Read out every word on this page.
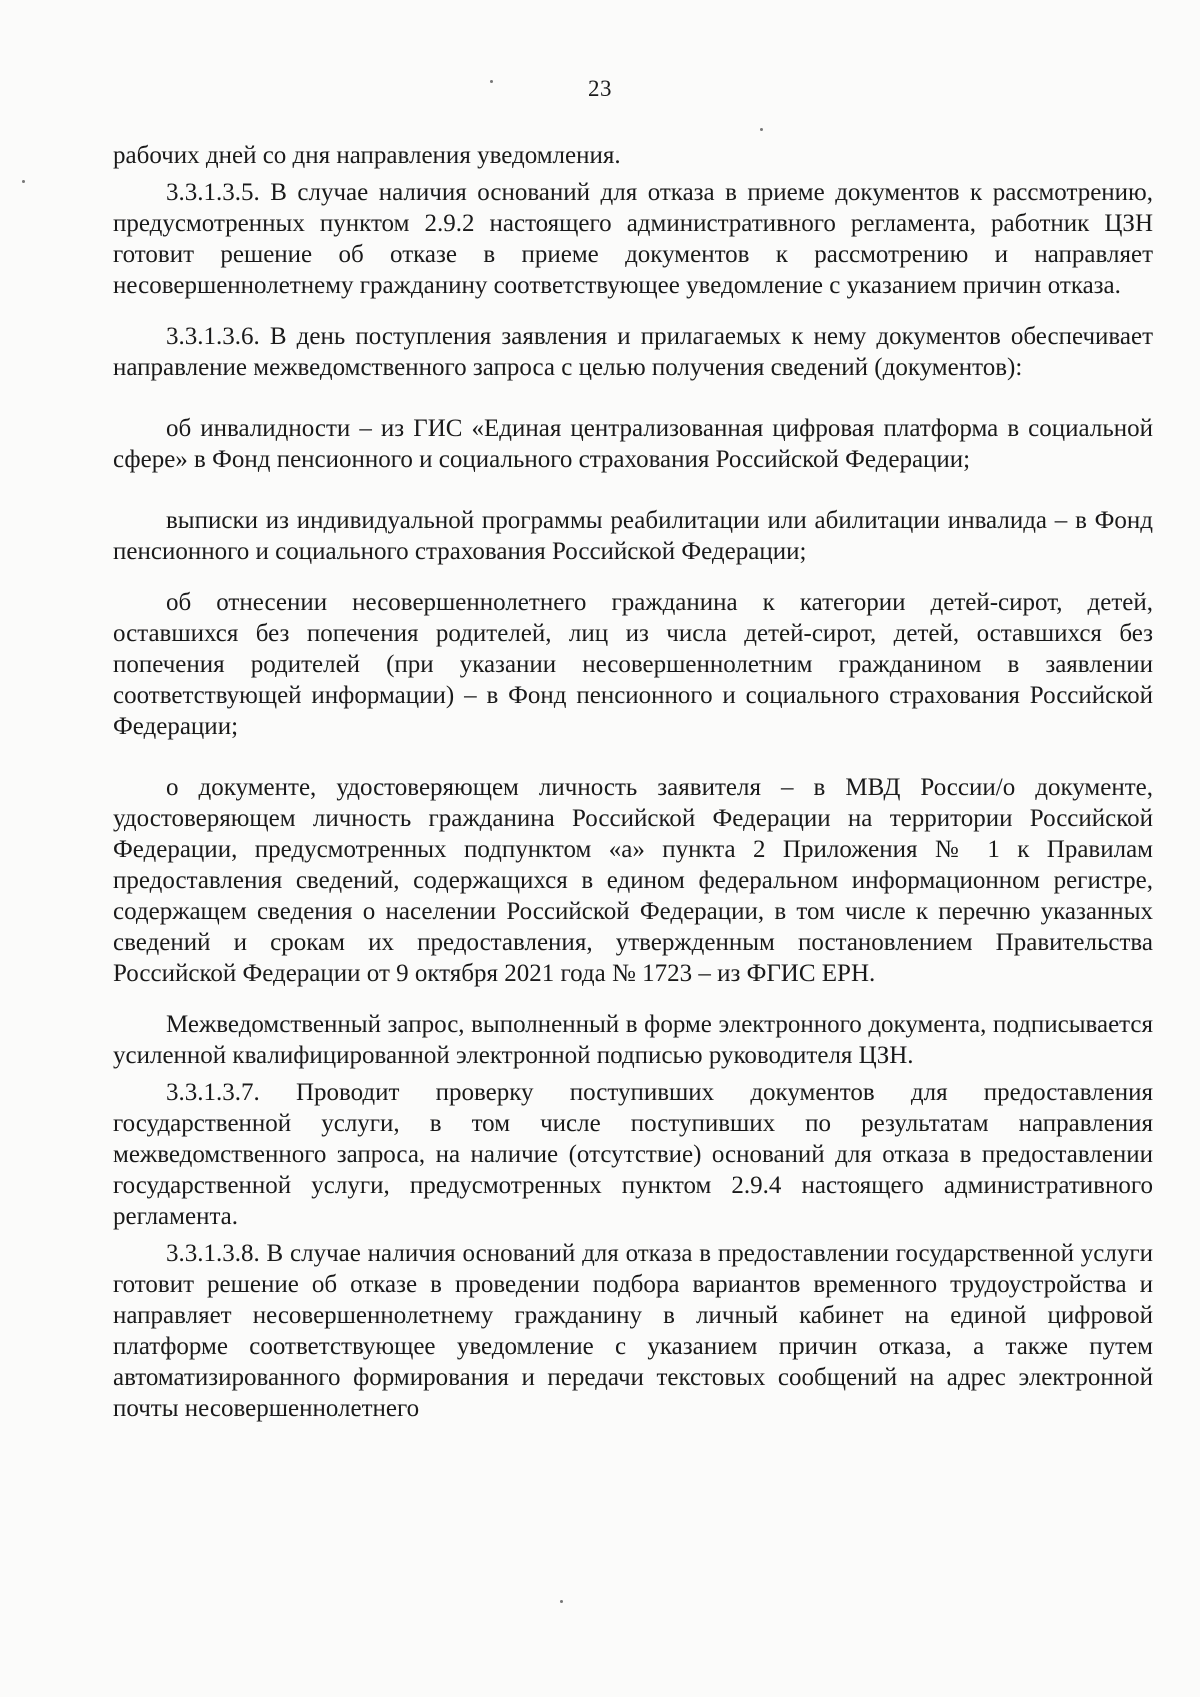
23

рабочих дней со дня направления уведомления.

3.3.1.3.5. В случае наличия оснований для отказа в приеме документов к рассмотрению, предусмотренных пунктом 2.9.2 настоящего административного регламента, работник ЦЗН готовит решение об отказе в приеме документов к рассмотрению и направляет несовершеннолетнему гражданину соответствующее уведомление с указанием причин отказа.

3.3.1.3.6. В день поступления заявления и прилагаемых к нему документов обеспечивает направление межведомственного запроса с целью получения сведений (документов):

об инвалидности – из ГИС «Единая централизованная цифровая платформа в социальной сфере» в Фонд пенсионного и социального страхования Российской Федерации;

выписки из индивидуальной программы реабилитации или абилитации инвалида – в Фонд пенсионного и социального страхования Российской Федерации;

об отнесении несовершеннолетнего гражданина к категории детей-сирот, детей, оставшихся без попечения родителей, лиц из числа детей-сирот, детей, оставшихся без попечения родителей (при указании несовершеннолетним гражданином в заявлении соответствующей информации) – в Фонд пенсионного и социального страхования Российской Федерации;

о документе, удостоверяющем личность заявителя – в МВД России/о документе, удостоверяющем личность гражданина Российской Федерации на территории Российской Федерации, предусмотренных подпунктом «а» пункта 2 Приложения № 1 к Правилам предоставления сведений, содержащихся в едином федеральном информационном регистре, содержащем сведения о населении Российской Федерации, в том числе к перечню указанных сведений и срокам их предоставления, утвержденным постановлением Правительства Российской Федерации от 9 октября 2021 года № 1723 – из ФГИС ЕРН.

Межведомственный запрос, выполненный в форме электронного документа, подписывается усиленной квалифицированной электронной подписью руководителя ЦЗН.

3.3.1.3.7. Проводит проверку поступивших документов для предоставления государственной услуги, в том числе поступивших по результатам направления межведомственного запроса, на наличие (отсутствие) оснований для отказа в предоставлении государственной услуги, предусмотренных пунктом 2.9.4 настоящего административного регламента.

3.3.1.3.8. В случае наличия оснований для отказа в предоставлении государственной услуги готовит решение об отказе в проведении подбора вариантов временного трудоустройства и направляет несовершеннолетнему гражданину в личный кабинет на единой цифровой платформе соответствующее уведомление с указанием причин отказа, а также путем автоматизированного формирования и передачи текстовых сообщений на адрес электронной почты несовершеннолетнего
